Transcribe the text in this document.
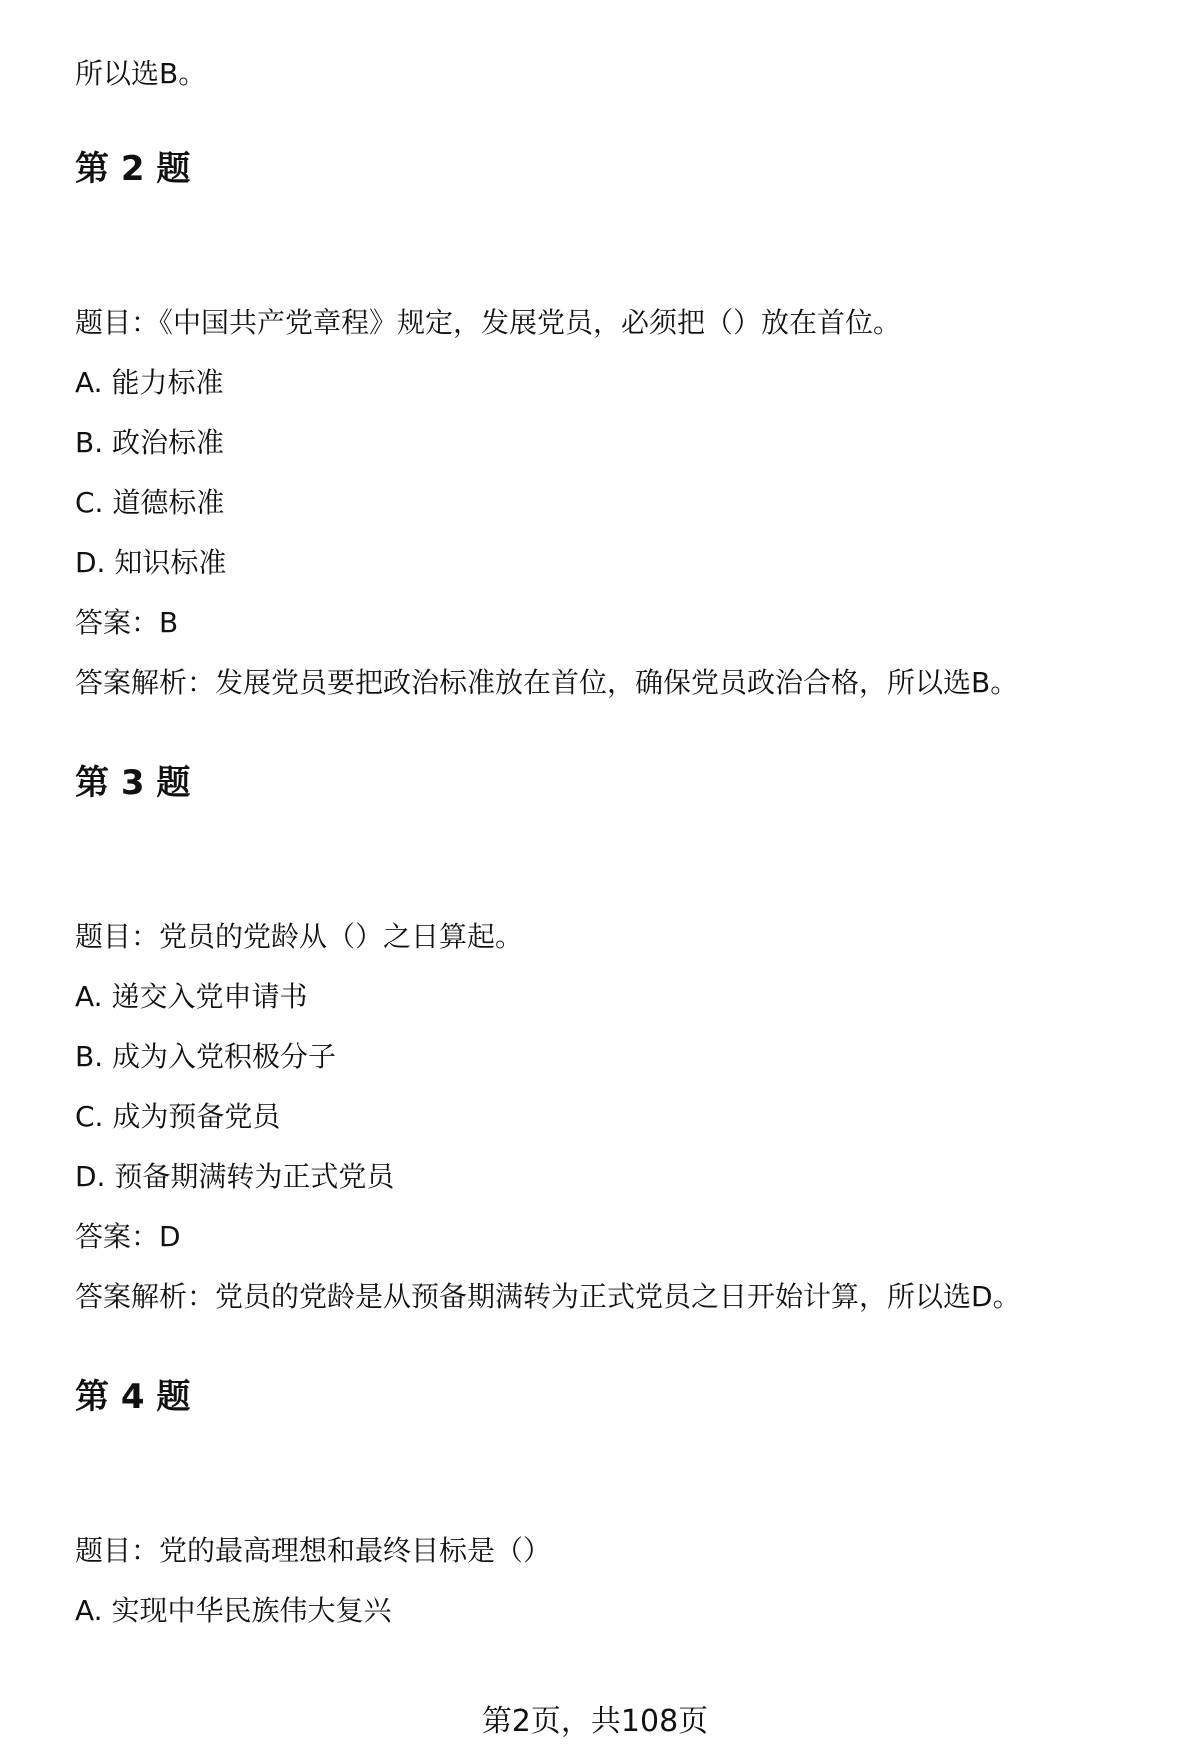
所以选B。
第 2 题
题目：《中国共产党章程》规定，发展党员，必须把（）放在首位。
A. 能力标准
B. 政治标准
C. 道德标准
D. 知识标准
答案：B
答案解析：发展党员要把政治标准放在首位，确保党员政治合格，所以选B。
第 3 题
题目：党员的党龄从（）之日算起。
A. 递交入党申请书
B. 成为入党积极分子
C. 成为预备党员
D. 预备期满转为正式党员
答案：D
答案解析：党员的党龄是从预备期满转为正式党员之日开始计算，所以选D。
第 4 题
题目：党的最高理想和最终目标是（）
A. 实现中华民族伟大复兴
第2页，共108页
